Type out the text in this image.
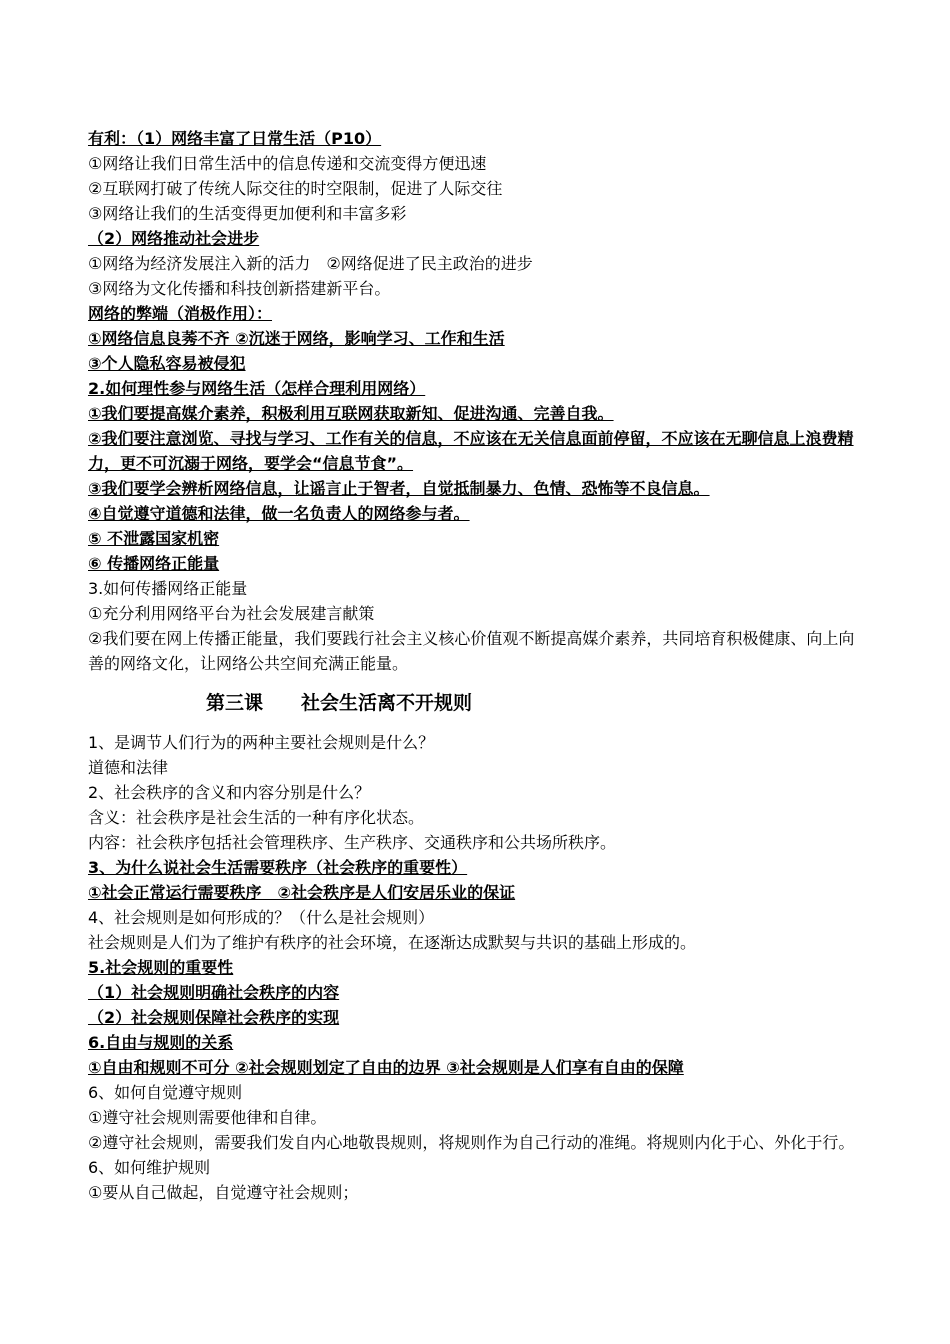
有利：（1）网络丰富了日常生活（P10）
①网络让我们日常生活中的信息传递和交流变得方便迅速
②互联网打破了传统人际交往的时空限制，促进了人际交往
③网络让我们的生活变得更加便利和丰富多彩
（2）网络推动社会进步
①网络为经济发展注入新的活力　②网络促进了民主政治的进步
③网络为文化传播和科技创新搭建新平台。
网络的弊端（消极作用）：
①网络信息良莠不齐 ②沉迷于网络，影响学习、工作和生活
③个人隐私容易被侵犯
2.如何理性参与网络生活（怎样合理利用网络）
①我们要提高媒介素养，积极利用互联网获取新知、促进沟通、完善自我。
②我们要注意浏览、寻找与学习、工作有关的信息，不应该在无关信息面前停留，不应该在无聊信息上浪费精力，更不可沉溺于网络，要学会“信息节食”。
③我们要学会辨析网络信息，让谣言止于智者，自觉抵制暴力、色情、恐怖等不良信息。
④自觉遵守道德和法律，做一名负责人的网络参与者。
⑤ 不泄露国家机密
⑥ 传播网络正能量
3.如何传播网络正能量
①充分利用网络平台为社会发展建言献策
②我们要在网上传播正能量，我们要践行社会主义核心价值观不断提高媒介素养，共同培育积极健康、向上向善的网络文化，让网络公共空间充满正能量。
第三课　　社会生活离不开规则
1、是调节人们行为的两种主要社会规则是什么？
道德和法律
2、社会秩序的含义和内容分别是什么？
含义：社会秩序是社会生活的一种有序化状态。
内容：社会秩序包括社会管理秩序、生产秩序、交通秩序和公共场所秩序。
3、为什么说社会生活需要秩序（社会秩序的重要性）
①社会正常运行需要秩序　②社会秩序是人们安居乐业的保证
4、社会规则是如何形成的？（什么是社会规则）
社会规则是人们为了维护有秩序的社会环境，在逐渐达成默契与共识的基础上形成的。
5.社会规则的重要性
（1）社会规则明确社会秩序的内容
（2）社会规则保障社会秩序的实现
6.自由与规则的关系
①自由和规则不可分 ②社会规则划定了自由的边界 ③社会规则是人们享有自由的保障
6、如何自觉遵守规则
①遵守社会规则需要他律和自律。
②遵守社会规则，需要我们发自内心地敬畏规则，将规则作为自己行动的准绳。将规则内化于心、外化于行。
6、如何维护规则
①要从自己做起，自觉遵守社会规则；
